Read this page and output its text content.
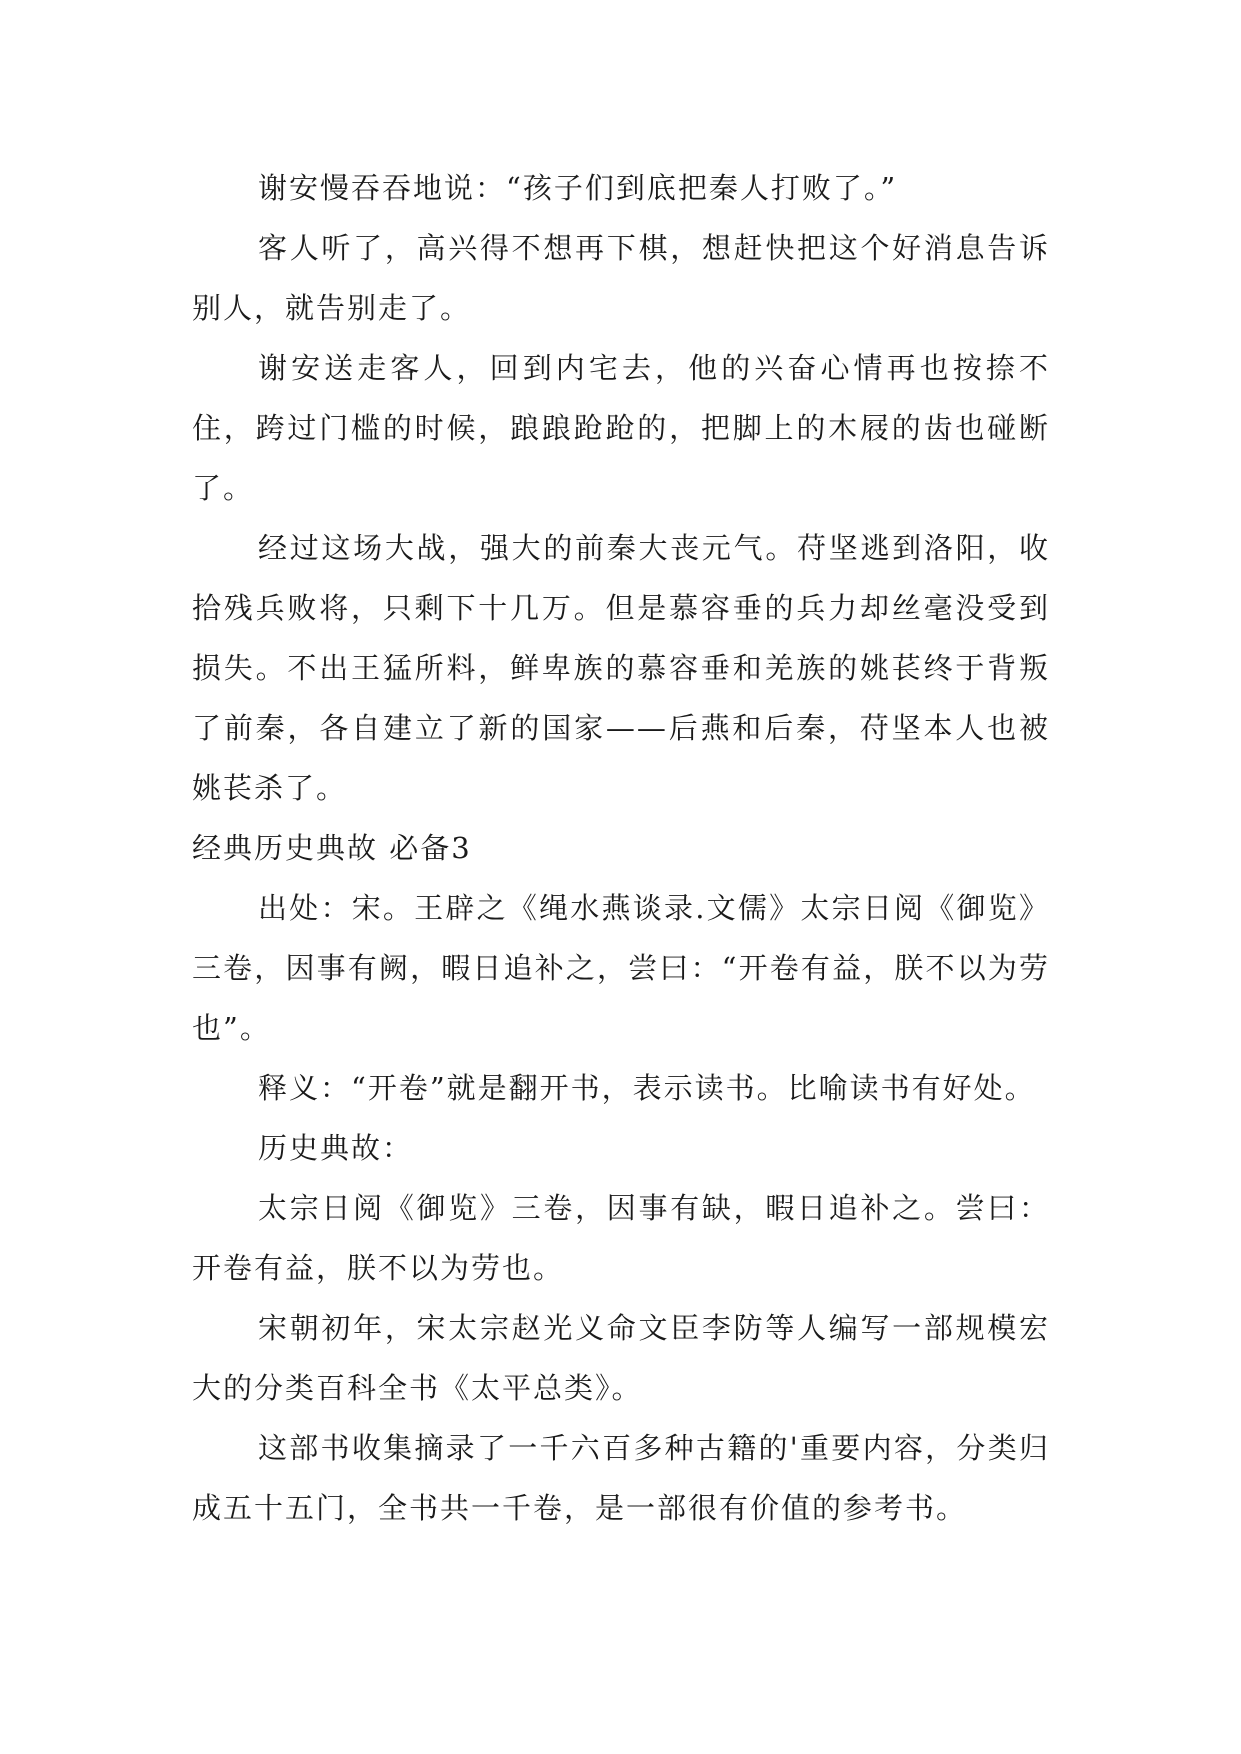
谢安慢吞吞地说：“孩子们到底把秦人打败了。”

客人听了，高兴得不想再下棋，想赶快把这个好消息告诉别人，就告别走了。

谢安送走客人，回到内宅去，他的兴奋心情再也按捺不住，跨过门槛的时候，踉踉跄跄的，把脚上的木屐的齿也碰断了。

经过这场大战，强大的前秦大丧元气。苻坚逃到洛阳，收拾残兵败将，只剩下十几万。但是慕容垂的兵力却丝毫没受到损失。不出王猛所料，鲜卑族的慕容垂和羌族的姚苌终于背叛了前秦，各自建立了新的国家——后燕和后秦，苻坚本人也被姚苌杀了。

经典历史典故 必备3

出处：宋。王辟之《绳水燕谈录.文儒》太宗日阅《御览》三卷，因事有阙，暇日追补之，尝曰：“开卷有益，朕不以为劳也”。

释义：“开卷”就是翻开书，表示读书。比喻读书有好处。

历史典故：

太宗日阅《御览》三卷，因事有缺，暇日追补之。尝曰：开卷有益，朕不以为劳也。

宋朝初年，宋太宗赵光义命文臣李防等人编写一部规模宏大的分类百科全书《太平总类》。

这部书收集摘录了一千六百多种古籍的'重要内容，分类归成五十五门，全书共一千卷，是一部很有价值的参考书。
